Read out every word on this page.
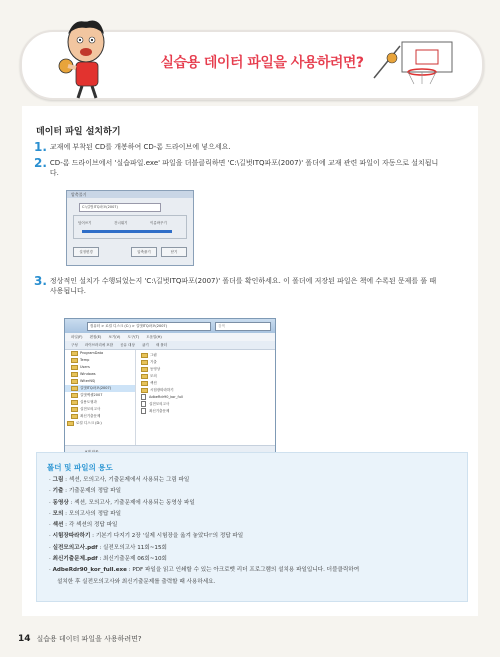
실습용 데이터 파일을 사용하려면?
데이터 파일 설치하기
1. 교재에 부착된 CD를 개봉하여 CD-롬 드라이브에 넣으세요.
2. CD-롬 드라이브에서 '실습파일.exe' 파일을 더블클릭하면 'C:\길벗ITQ파포(2007)' 폴더에 교재 관련 파일이 자동으로 설치됩니다.
압축풀기
C:\길벗ITQ파포(2007)
덮어쓰기	건너뛰기	이름바꾸기
설정변경	압축풀기	닫기
3. 정상적인 설치가 수행되었는지 'C:\길벗ITQ파포(2007)' 폴더를 확인하세요. 이 폴더에 저장된 파일은 책에 수록된 문제를 풀 때 사용됩니다.
컴퓨터 > 로컬 디스크 (C:) > 길벗ITQ파포(2007)	검색
파일(F) 편집(E) 보기(V) 도구(T) 도움말(H)
구성 라이브러리에 포함 공유 대상 굽기 새 폴더
ProgramData
Temp
Users
Windows
WiterNSj
길벗ITQ파포(2007)
길벗엑셀2007
실용도형과
실전모의고사
최신기출문제
로컬 디스크 (D:)
그림
기출
동영상
모의
섹션
시험장따라하기
AdbeRdr90_kor_full
실전모의고사
최신기출문제
폴더 및 파일의 용도
· 그림 : 섹션, 모의고사, 기출문제에서 사용되는 그림 파일
· 기출 : 기출문제의 정답 파일
· 동영상 : 섹션, 모의고사, 기출문제에 사용되는 동영상 파일
· 모의 : 모의고사의 정답 파일
· 섹션 : 각 섹션의 정답 파일
· 시험장따라하기 : 기본기 다지기 2장 '실제 시험장을 옮겨 놓았다!'의 정답 파일
· 실전모의고사.pdf : 실전모의고사 11회~15회
· 최신기출문제.pdf : 최신기출문제 06회~10회
· AdbeRdr90_kor_full.exe : PDF 파일을 읽고 인쇄할 수 있는 아크로벳 리더 프로그램의 설치용 파일입니다. 더블클릭하여
설치한 후 실전모의고사와 최신기출문제를 출력할 때 사용하세요.
14 실습용 데이터 파일을 사용하려면?
